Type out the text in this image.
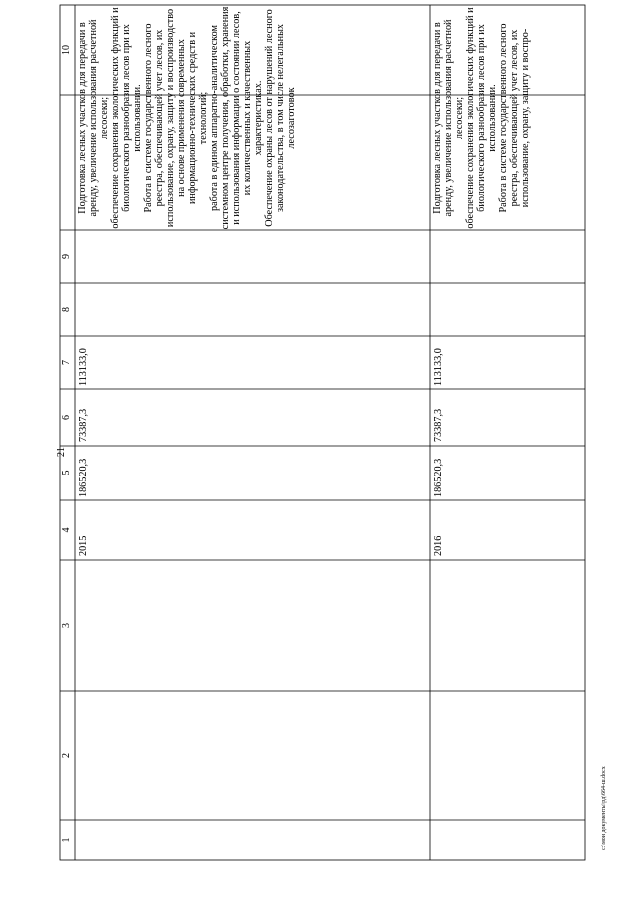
21
1
2
3
4
5
6
7
8
9
10
2015
186520,3
73387,3
113133,0

Подготовка лесных участков для передачи в аренду, увеличение использования расчетной лесосеки; обеспечение сохранения экологических функций и биологического разнообразия лесов при их использовании. Работа в системе государственного лесного реестра, обеспечивающей учет лесов, их использование, охрану, защиту и воспроизводство на основе применения современных информационно-технических средств и технологий; работа в едином аппаратно-аналитическом системном центре получения, обработки, хранения и использования информации о состоянии лесов, их количественных и качественных характеристиках. Обеспечение охраны лесов от нарушений лесного законодательства, в том числе нелегальных лесозаготовок

2016
186520,3
73387,3
113133,0

Подготовка лесных участков для передачи в аренду, увеличение использования расчетной лесосеки; обеспечение сохранения экологических функций и биологического разнообразия лесов при их использовании. Работа в системе государственного лесного реестра, обеспечивающей учет лесов, их использование, охрану, защиту и воспро-

c:\мои документы\рд\664-ш.docx
